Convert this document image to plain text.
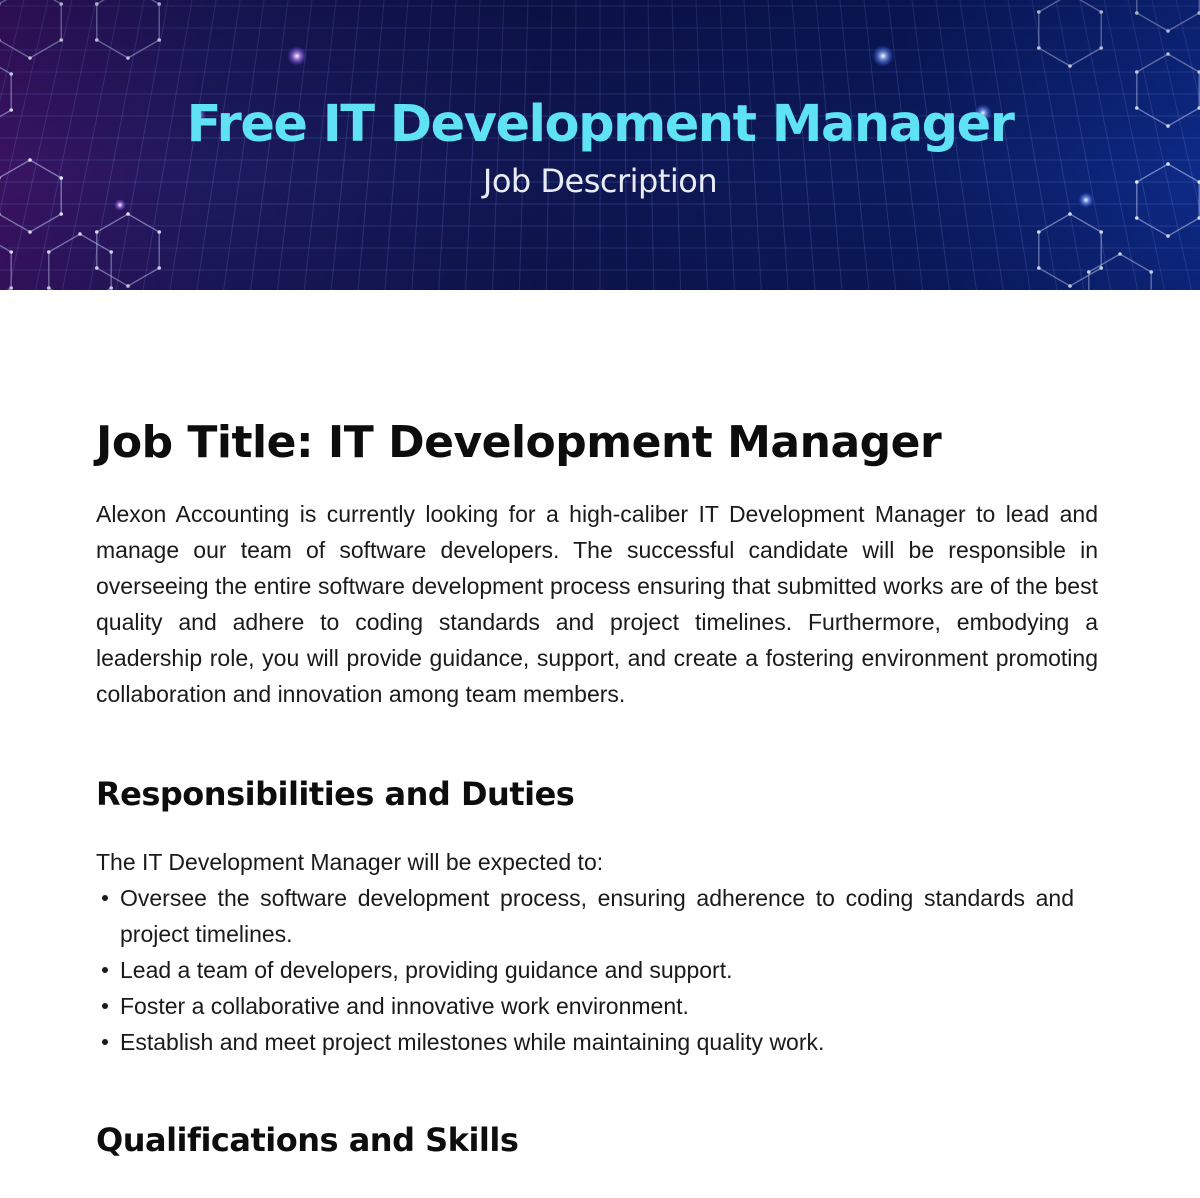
Free IT Development Manager
Job Description
Job Title: IT Development Manager

Alexon Accounting is currently looking for a high-caliber IT Development Manager to lead and manage our team of software developers. The successful candidate will be responsible in overseeing the entire software development process ensuring that submitted works are of the best quality and adhere to coding standards and project timelines. Furthermore, embodying a leadership role, you will provide guidance, support, and create a fostering environment promoting collaboration and innovation among team members.

Responsibilities and Duties

The IT Development Manager will be expected to:

Oversee the software development process, ensuring adherence to coding standards and project timelines.
Lead a team of developers, providing guidance and support.
Foster a collaborative and innovative work environment.
Establish and meet project milestones while maintaining quality work.
Qualifications and Skills
